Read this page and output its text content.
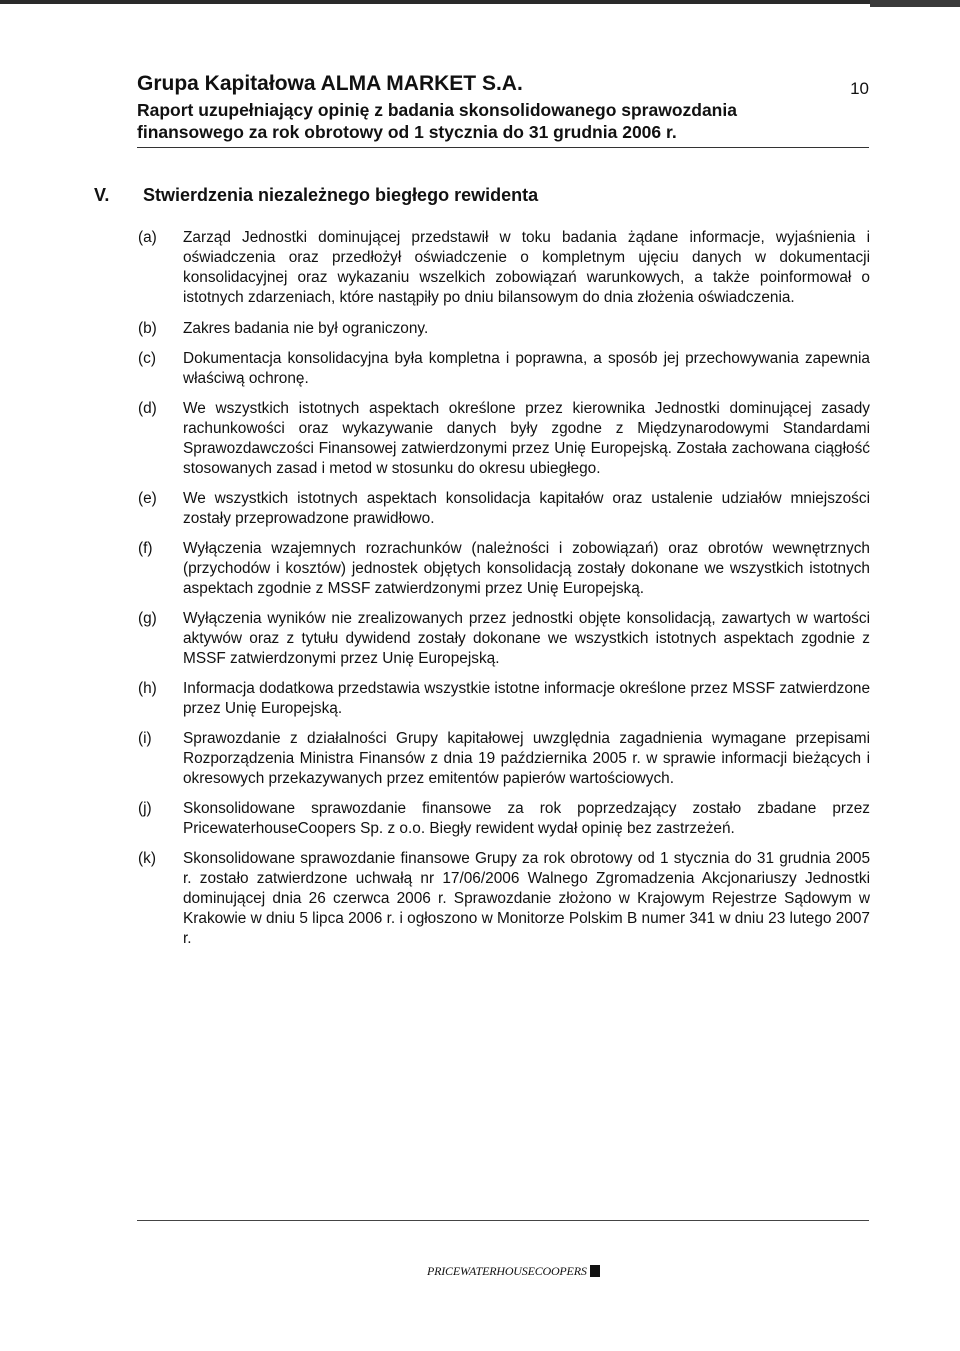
Grupa Kapitałowa ALMA MARKET S.A.
Raport uzupełniający opinię z badania skonsolidowanego sprawozdania
finansowego za rok obrotowy od 1 stycznia do 31 grudnia 2006 r.
10
V. Stwierdzenia niezależnego biegłego rewidenta
(a)	Zarząd Jednostki dominującej przedstawił w toku badania żądane informacje, wyjaśnienia i oświadczenia oraz przedłożył oświadczenie o kompletnym ujęciu danych w dokumentacji konsolidacyjnej oraz wykazaniu wszelkich zobowiązań warunkowych, a także poinformował o istotnych zdarzeniach, które nastąpiły po dniu bilansowym do dnia złożenia oświadczenia.
(b)	Zakres badania nie był ograniczony.
(c)	Dokumentacja konsolidacyjna była kompletna i poprawna, a sposób jej przechowywania zapewnia właściwą ochronę.
(d)	We wszystkich istotnych aspektach określone przez kierownika Jednostki dominującej zasady rachunkowości oraz wykazywanie danych były zgodne z Międzynarodowymi Standardami Sprawozdawczości Finansowej zatwierdzonymi przez Unię Europejską. Została zachowana ciągłość stosowanych zasad i metod w stosunku do okresu ubiegłego.
(e)	We wszystkich istotnych aspektach konsolidacja kapitałów oraz ustalenie udziałów mniejszości zostały przeprowadzone prawidłowo.
(f)	Wyłączenia wzajemnych rozrachunków (należności i zobowiązań) oraz obrotów wewnętrznych (przychodów i kosztów) jednostek objętych konsolidacją zostały dokonane we wszystkich istotnych aspektach zgodnie z MSSF zatwierdzonymi przez Unię Europejską.
(g)	Wyłączenia wyników nie zrealizowanych przez jednostki objęte konsolidacją, zawartych w wartości aktywów oraz z tytułu dywidend zostały dokonane we wszystkich istotnych aspektach zgodnie z MSSF zatwierdzonymi przez Unię Europejską.
(h)	Informacja dodatkowa przedstawia wszystkie istotne informacje określone przez MSSF zatwierdzone przez Unię Europejską.
(i)	Sprawozdanie z działalności Grupy kapitałowej uwzględnia zagadnienia wymagane przepisami Rozporządzenia Ministra Finansów z dnia 19 października 2005 r. w sprawie informacji bieżących i okresowych przekazywanych przez emitentów papierów wartościowych.
(j)	Skonsolidowane sprawozdanie finansowe za rok poprzedzający zostało zbadane przez PricewaterhouseCoopers Sp. z o.o. Biegły rewident wydał opinię bez zastrzeżeń.
(k)	Skonsolidowane sprawozdanie finansowe Grupy za rok obrotowy od 1 stycznia do 31 grudnia 2005 r. zostało zatwierdzone uchwałą nr 17/06/2006 Walnego Zgromadzenia Akcjonariuszy Jednostki dominującej dnia 26 czerwca 2006 r. Sprawozdanie złożono w Krajowym Rejestrze Sądowym w Krakowie w dniu 5 lipca 2006 r. i ogłoszono w Monitorze Polskim B numer 341 w dniu 23 lutego 2007 r.
PRICEWATERHOUSECOOPERS
